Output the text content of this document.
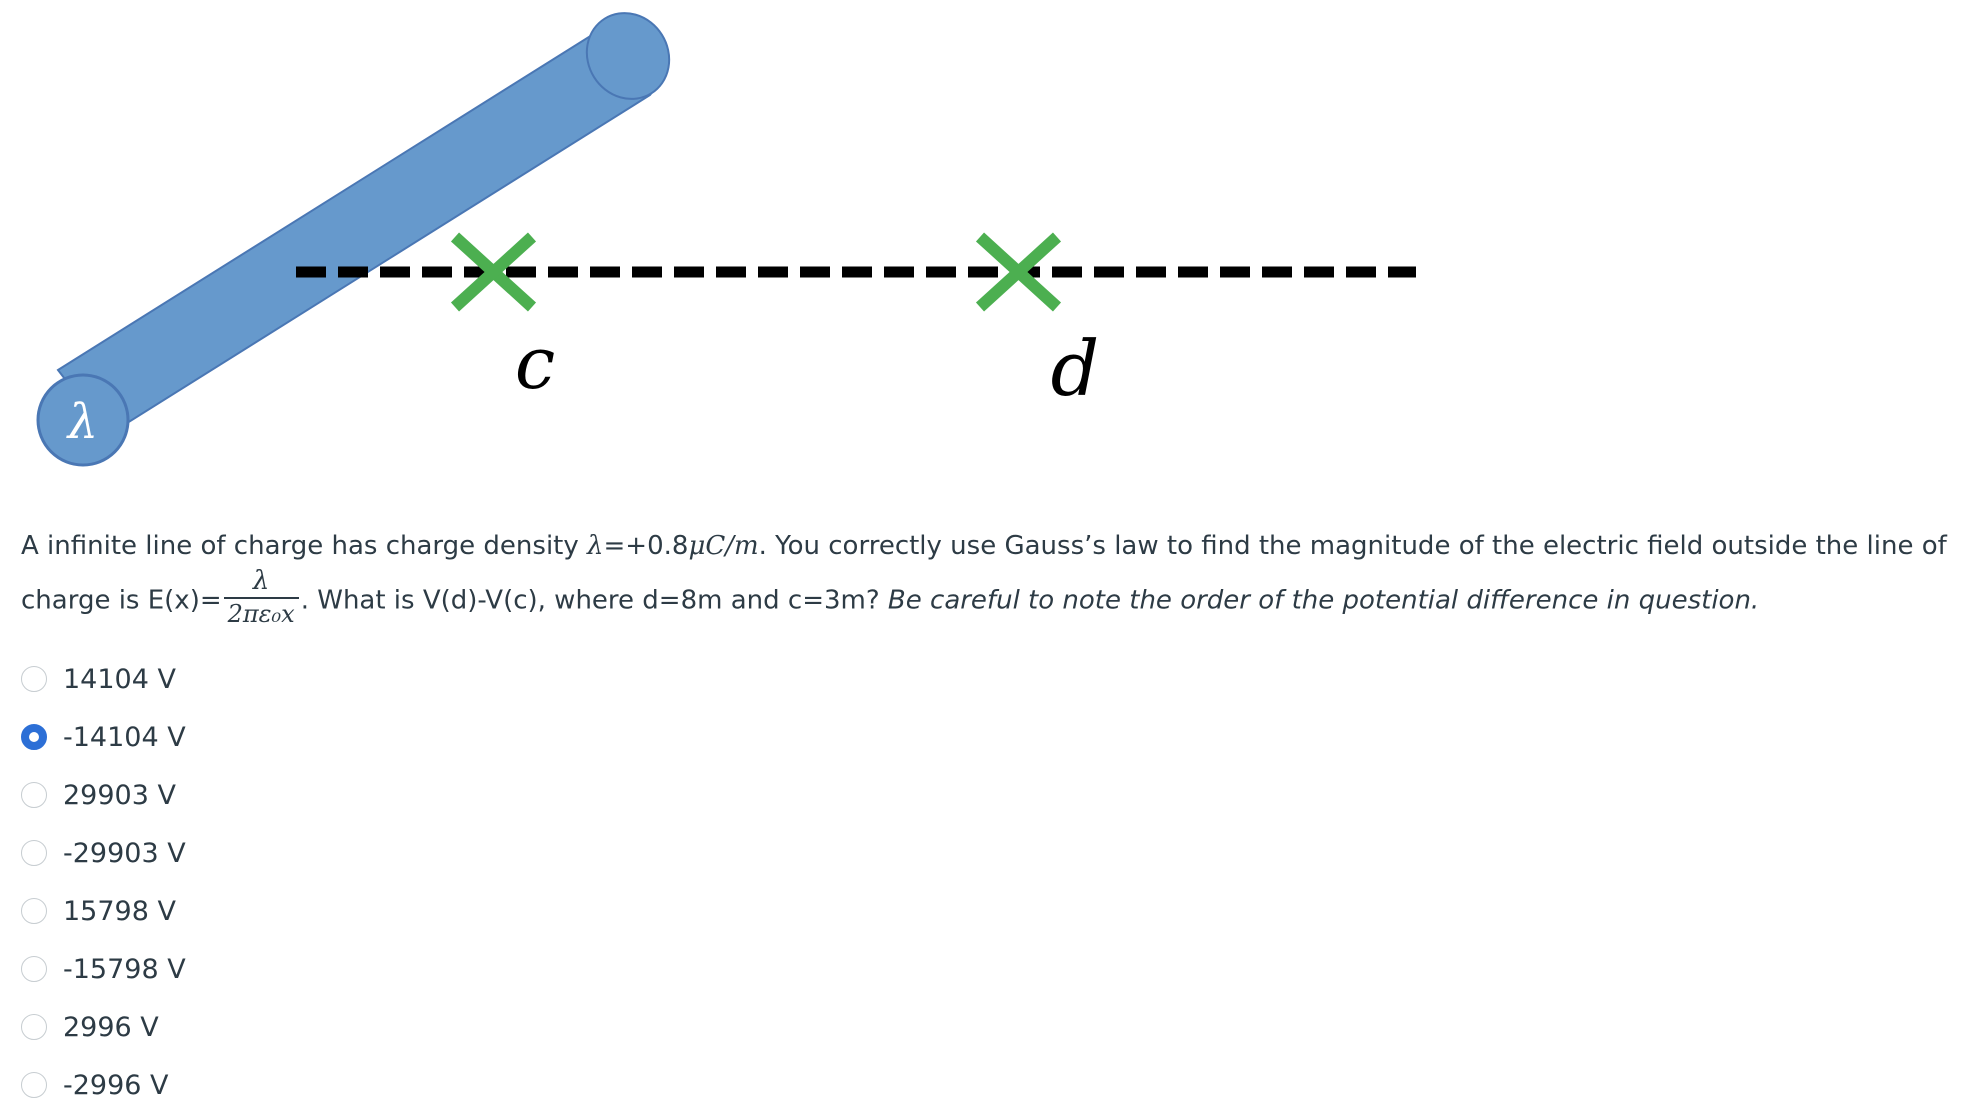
λ
c	d
A infinite line of charge has charge density λ=+0.8μC/m. You correctly use Gauss’s law to find the magnitude of the electric field outside the line of charge is $E(x)= \frac{\lambda}{\text{2πε₀x}}$ . What is V(d)-V(c), where d=8m and c=3m? Be careful to note the order of the potential difference in question.
14104 V
-14104 V
29903 V
-29903 V
15798 V
-15798 V
2996 V
-2996 V
